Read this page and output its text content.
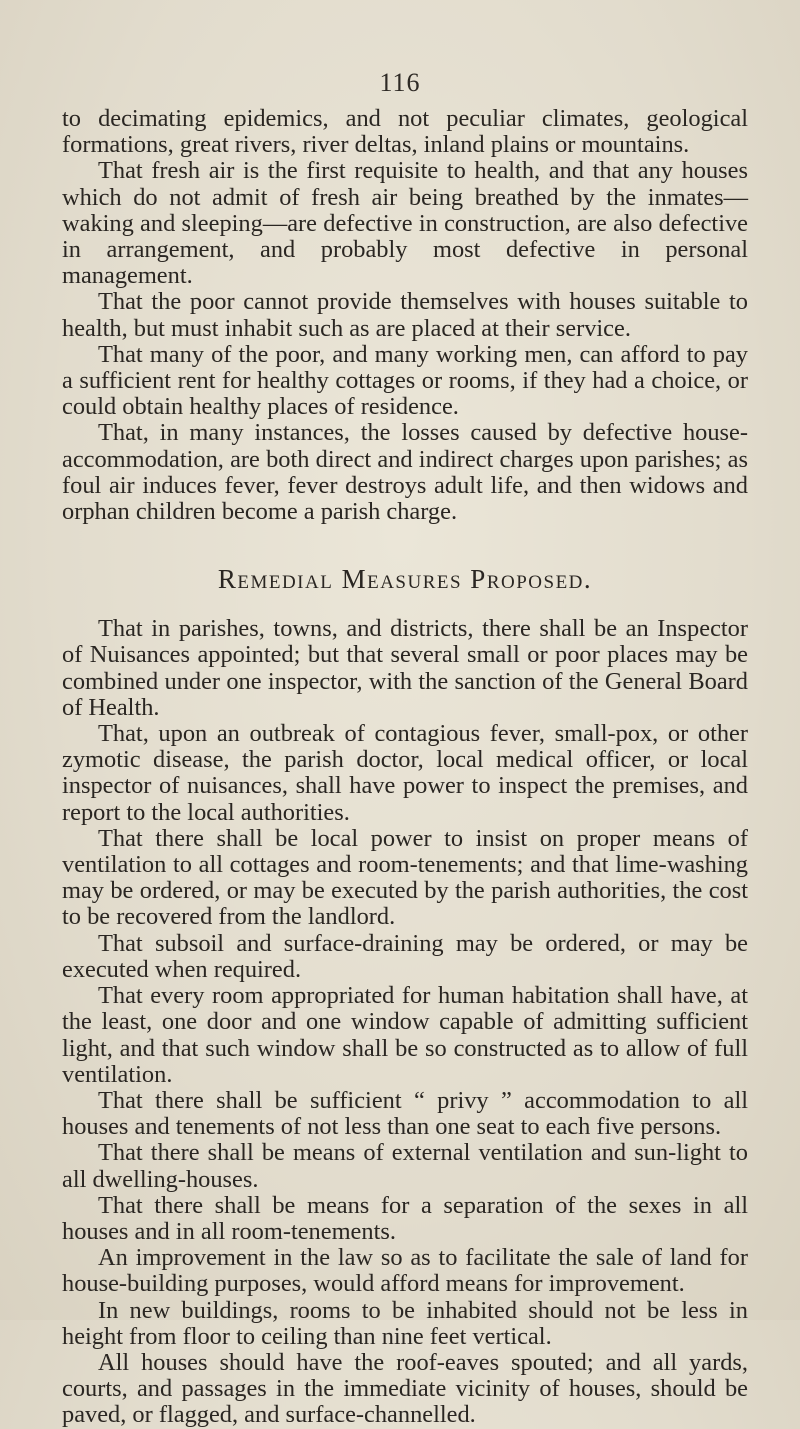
116

to decimating epidemics, and not peculiar climates, geological formations, great rivers, river deltas, inland plains or mountains.

That fresh air is the first requisite to health, and that any houses which do not admit of fresh air being breathed by the inmates—waking and sleeping—are defective in construction, are also defective in arrangement, and probably most defective in personal management.

That the poor cannot provide themselves with houses suitable to health, but must inhabit such as are placed at their service.

That many of the poor, and many working men, can afford to pay a sufficient rent for healthy cottages or rooms, if they had a choice, or could obtain healthy places of residence.

That, in many instances, the losses caused by defective house-accommodation, are both direct and indirect charges upon parishes; as foul air induces fever, fever destroys adult life, and then widows and orphan children become a parish charge.

Remedial Measures Proposed.

That in parishes, towns, and districts, there shall be an Inspector of Nuisances appointed; but that several small or poor places may be combined under one inspector, with the sanction of the General Board of Health.

That, upon an outbreak of contagious fever, small-pox, or other zymotic disease, the parish doctor, local medical officer, or local inspector of nuisances, shall have power to inspect the premises, and report to the local authorities.

That there shall be local power to insist on proper means of ventilation to all cottages and room-tenements; and that lime-washing may be ordered, or may be executed by the parish authorities, the cost to be recovered from the landlord.

That subsoil and surface-draining may be ordered, or may be executed when required.

That every room appropriated for human habitation shall have, at the least, one door and one window capable of admitting sufficient light, and that such window shall be so constructed as to allow of full ventilation.

That there shall be sufficient “ privy ” accommodation to all houses and tenements of not less than one seat to each five persons.

That there shall be means of external ventilation and sun-light to all dwelling-houses.

That there shall be means for a separation of the sexes in all houses and in all room-tenements.

An improvement in the law so as to facilitate the sale of land for house-building purposes, would afford means for improvement.

In new buildings, rooms to be inhabited should not be less in height from floor to ceiling than nine feet vertical.

All houses should have the roof-eaves spouted; and all yards, courts, and passages in the immediate vicinity of houses, should be paved, or flagged, and surface-channelled.
